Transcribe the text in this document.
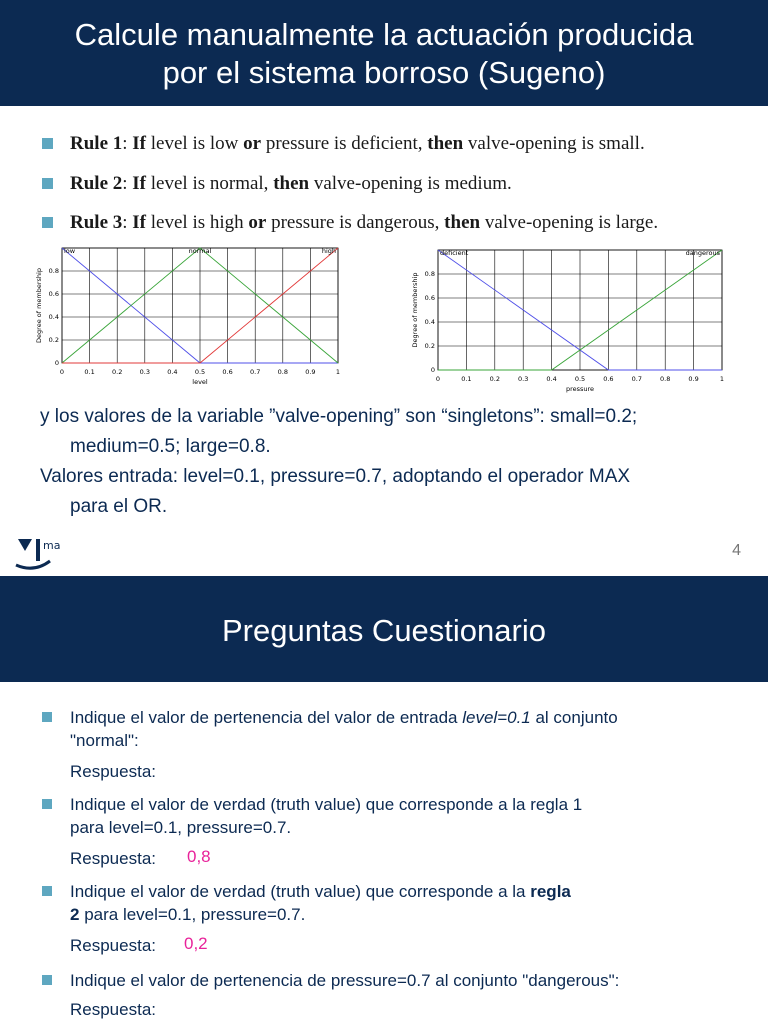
Calcule manualmente la actuación producida
por el sistema borroso (Sugeno)
Rule 1: If level is low or pressure is deficient, then valve-opening is small.
Rule 2: If level is normal, then valve-opening is medium.
Rule 3: If level is high or pressure is dangerous, then valve-opening is large.
0	0.1	0.2	0.3	0.4	0.5	0.6	0.7	0.8	0.9	1
0
0.2
0.4
0.6
0.8
level
Degree of membership
low	normal	high
0	0.1	0.2	0.3	0.4	0.5	0.6	0.7	0.8	0.9	1
0
0.2
0.4
0.6
0.8
pressure
Degree of membership
deficient	dangerous
y los valores de la variable ”valve-opening” son “singletons”: small=0.2;
medium=0.5; large=0.8.
Valores entrada: level=0.1, pressure=0.7, adoptando el operador MAX
para el OR.
ma	4
Preguntas Cuestionario
Indique el valor de pertenencia del valor de entrada level=0.1 al conjunto
"normal":
Respuesta:
Indique el valor de verdad (truth value) que corresponde a la regla 1
para level=0.1, pressure=0.7.
Respuesta: 0,8
Indique el valor de verdad (truth value) que corresponde a la regla
2 para level=0.1, pressure=0.7.
Respuesta: 0,2
Indique el valor de pertenencia de pressure=0.7 al conjunto "dangerous":
Respuesta:
